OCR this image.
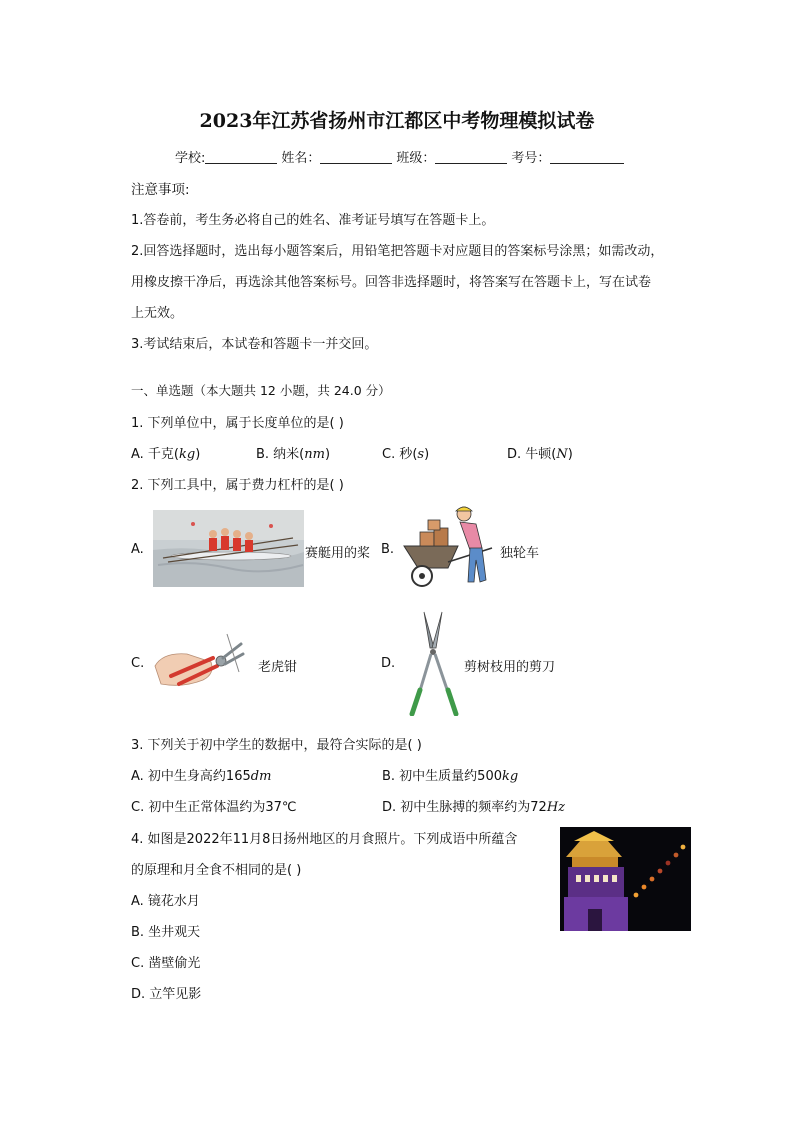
2023年江苏省扬州市江都区中考物理模拟试卷
学校:	姓名：	班级：	考号：
注意事项:
1.答卷前，考生务必将自己的姓名、准考证号填写在答题卡上。
2.回答选择题时，选出每小题答案后，用铅笔把答题卡对应题目的答案标号涂黑；如需改动，
用橡皮擦干净后，再选涂其他答案标号。回答非选择题时，将答案写在答题卡上，写在试卷
上无效。
3.考试结束后，本试卷和答题卡一并交回。
一、单选题（本大题共 12 小题，共 24.0 分）
1. 下列单位中，属于长度单位的是( )
A. 千克(kg)	B. 纳米(nm)	C. 秒(s)	D. 牛顿(N)
2. 下列工具中，属于费力杠杆的是( )
A.	赛艇用的桨 B.	独轮车
C.	老虎钳	D.	剪树枝用的剪刀
3. 下列关于初中学生的数据中，最符合实际的是( )
A. 初中生身高约165dm	B. 初中生质量约500kg
C. 初中生正常体温约为37℃	D. 初中生脉搏的频率约为72Hz
4. 如图是2022年11月8日扬州地区的月食照片。下列成语中所蕴含
的原理和月全食不相同的是( )
A. 镜花水月
B. 坐井观天
C. 凿壁偷光
D. 立竿见影
